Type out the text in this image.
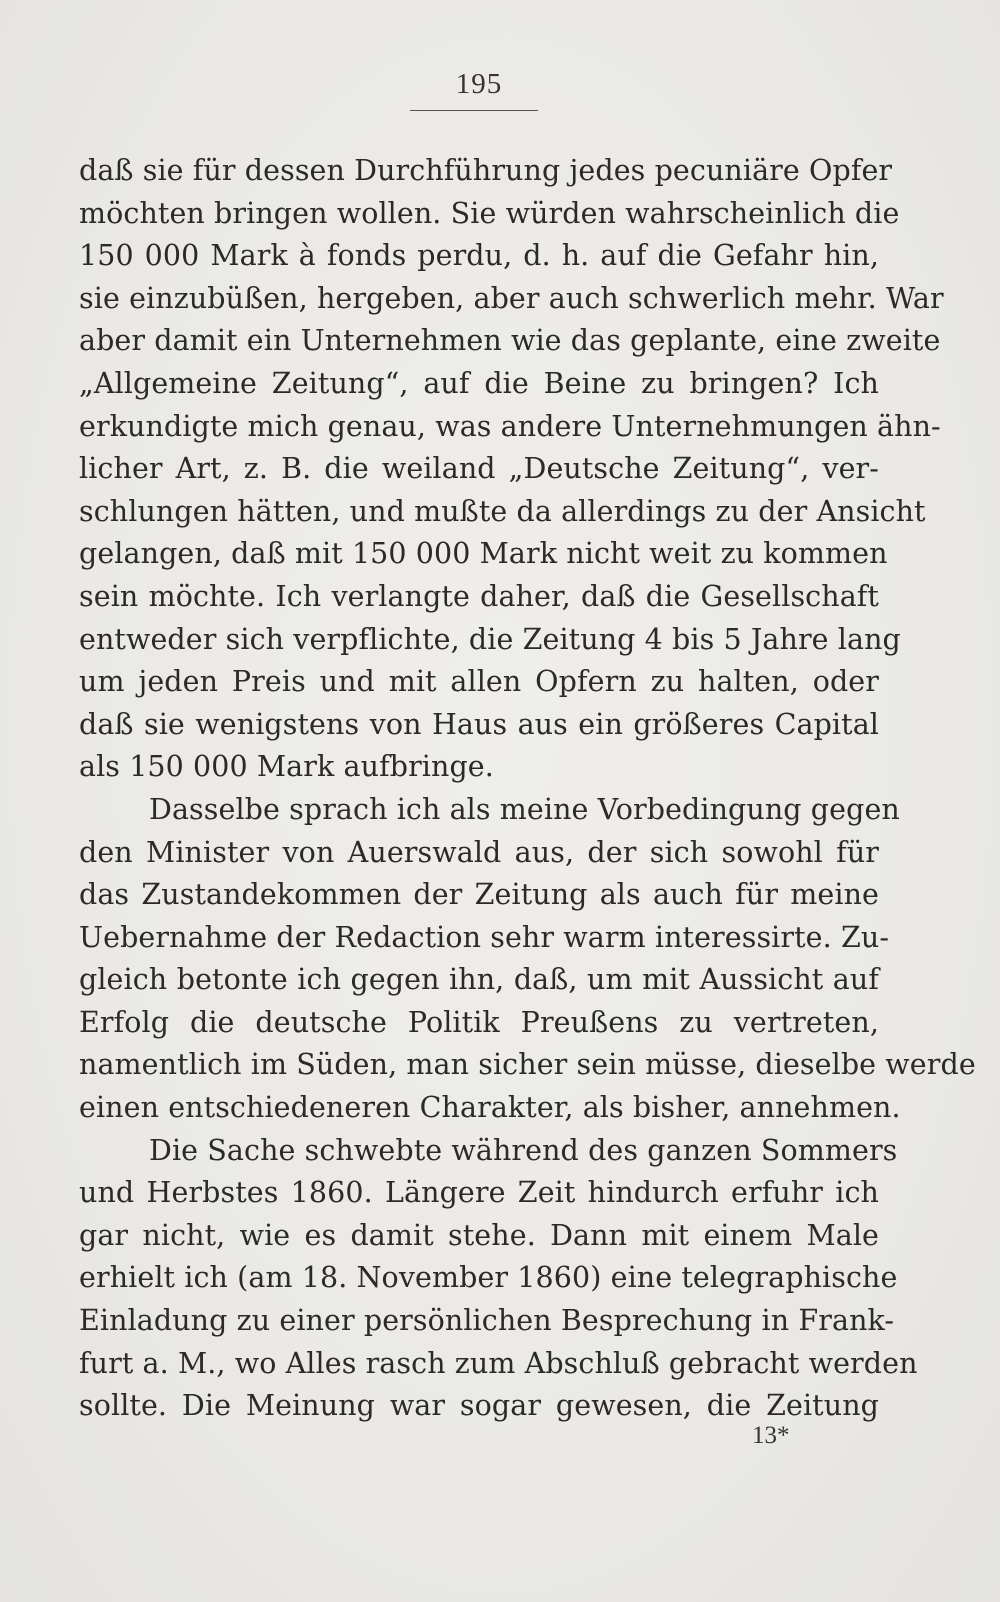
195
daß sie für dessen Durchführung jedes pecuniäre Opfer
möchten bringen wollen. Sie würden wahrscheinlich die
150 000 Mark à fonds perdu, d. h. auf die Gefahr hin,
sie einzubüßen, hergeben, aber auch schwerlich mehr. War
aber damit ein Unternehmen wie das geplante, eine zweite
„Allgemeine Zeitung“, auf die Beine zu bringen? Ich
erkundigte mich genau, was andere Unternehmungen ähn-
licher Art, z. B. die weiland „Deutsche Zeitung“, ver-
schlungen hätten, und mußte da allerdings zu der Ansicht
gelangen, daß mit 150 000 Mark nicht weit zu kommen
sein möchte. Ich verlangte daher, daß die Gesellschaft
entweder sich verpflichte, die Zeitung 4 bis 5 Jahre lang
um jeden Preis und mit allen Opfern zu halten, oder
daß sie wenigstens von Haus aus ein größeres Capital
als 150 000 Mark aufbringe.
Dasselbe sprach ich als meine Vorbedingung gegen
den Minister von Auerswald aus, der sich sowohl für
das Zustandekommen der Zeitung als auch für meine
Uebernahme der Redaction sehr warm interessirte. Zu-
gleich betonte ich gegen ihn, daß, um mit Aussicht auf
Erfolg die deutsche Politik Preußens zu vertreten,
namentlich im Süden, man sicher sein müsse, dieselbe werde
einen entschiedeneren Charakter, als bisher, annehmen.
Die Sache schwebte während des ganzen Sommers
und Herbstes 1860. Längere Zeit hindurch erfuhr ich
gar nicht, wie es damit stehe. Dann mit einem Male
erhielt ich (am 18. November 1860) eine telegraphische
Einladung zu einer persönlichen Besprechung in Frank-
furt a. M., wo Alles rasch zum Abschluß gebracht werden
sollte. Die Meinung war sogar gewesen, die Zeitung
13*
